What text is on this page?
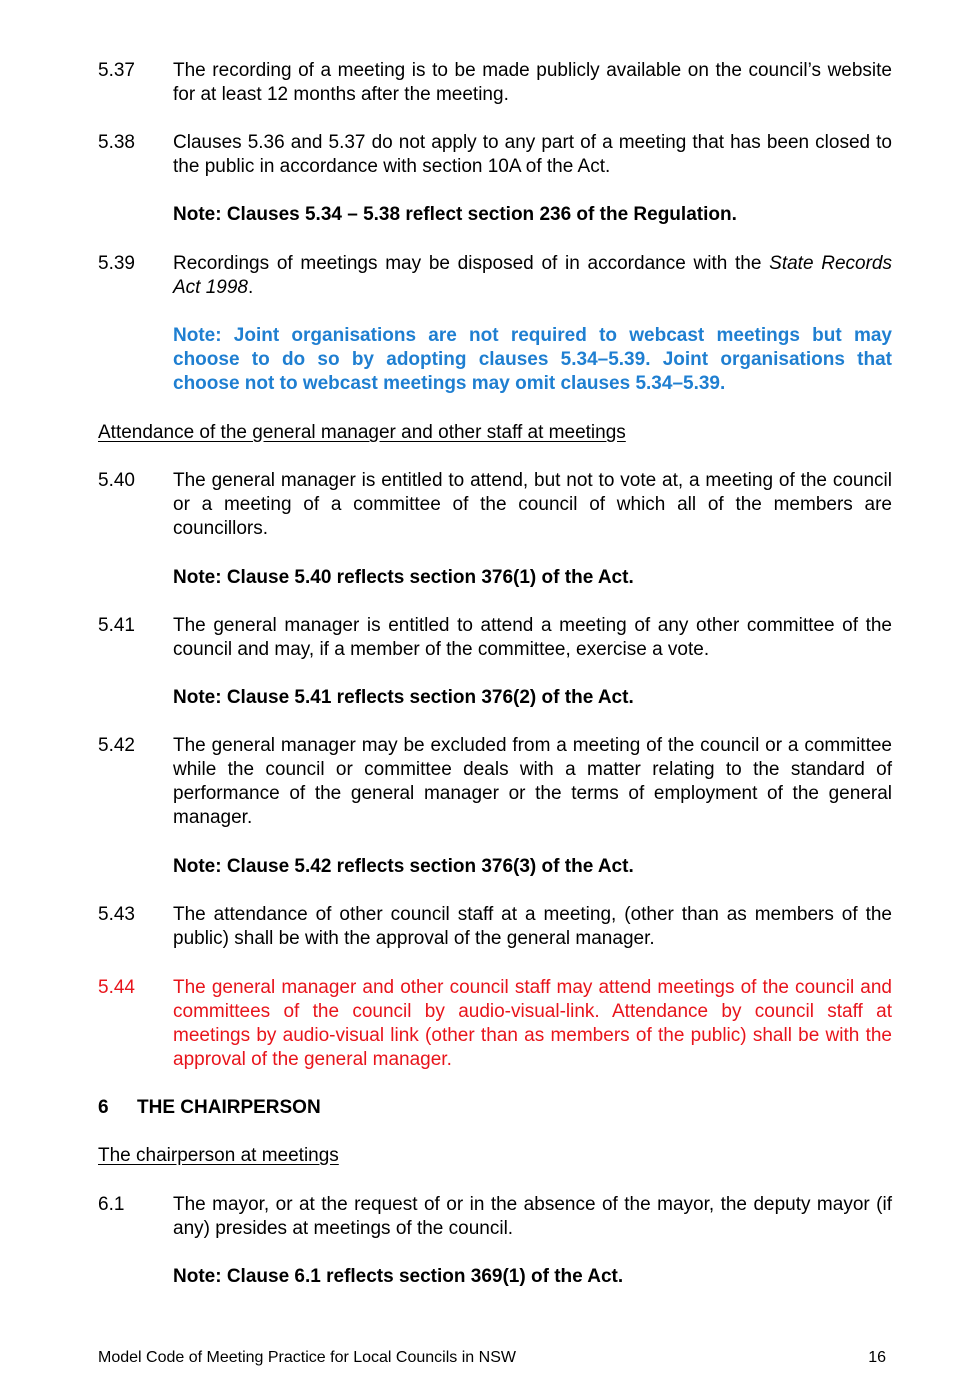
5.37	The recording of a meeting is to be made publicly available on the council’s website for at least 12 months after the meeting.
5.38	Clauses 5.36 and 5.37 do not apply to any part of a meeting that has been closed to the public in accordance with section 10A of the Act.
Note: Clauses 5.34 – 5.38 reflect section 236 of the Regulation.
5.39	Recordings of meetings may be disposed of in accordance with the State Records Act 1998.
Note: Joint organisations are not required to webcast meetings but may choose to do so by adopting clauses 5.34–5.39. Joint organisations that choose not to webcast meetings may omit clauses 5.34–5.39.
Attendance of the general manager and other staff at meetings
5.40	The general manager is entitled to attend, but not to vote at, a meeting of the council or a meeting of a committee of the council of which all of the members are councillors.
Note: Clause 5.40 reflects section 376(1) of the Act.
5.41	The general manager is entitled to attend a meeting of any other committee of the council and may, if a member of the committee, exercise a vote.
Note: Clause 5.41 reflects section 376(2) of the Act.
5.42	The general manager may be excluded from a meeting of the council or a committee while the council or committee deals with a matter relating to the standard of performance of the general manager or the terms of employment of the general manager.
Note: Clause 5.42 reflects section 376(3) of the Act.
5.43	The attendance of other council staff at a meeting, (other than as members of the public) shall be with the approval of the general manager.
5.44	The general manager and other council staff may attend meetings of the council and committees of the council by audio-visual-link. Attendance by council staff at meetings by audio-visual link (other than as members of the public) shall be with the approval of the general manager.
6 THE CHAIRPERSON
The chairperson at meetings
6.1	The mayor, or at the request of or in the absence of the mayor, the deputy mayor (if any) presides at meetings of the council.
Note: Clause 6.1 reflects section 369(1) of the Act.
Model Code of Meeting Practice for Local Councils in NSW	16
